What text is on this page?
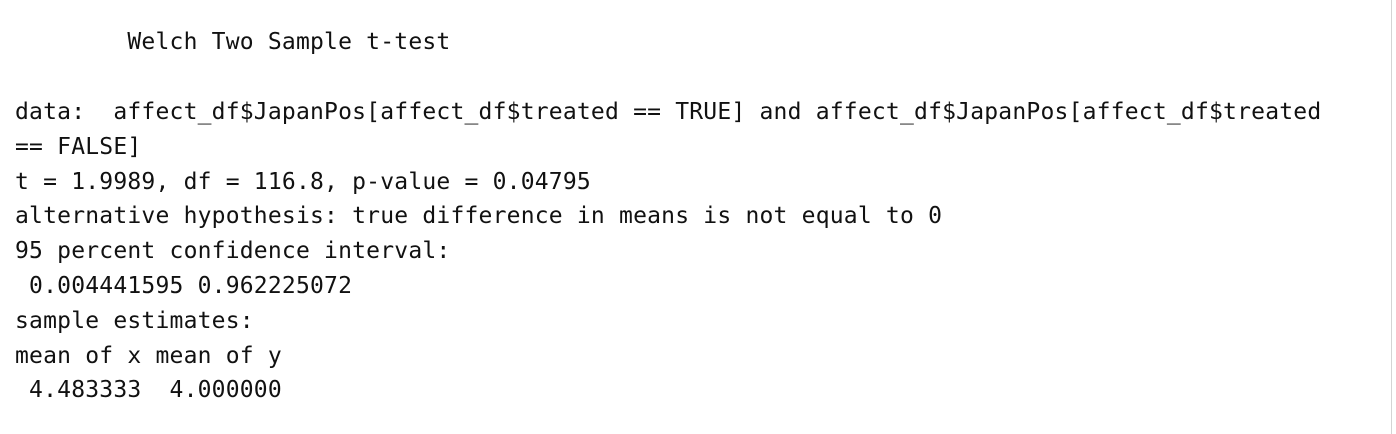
Welch Two Sample t-test
data:  affect_df$JapanPos[affect_df$treated == TRUE] and affect_df$JapanPos[affect_df$treated
== FALSE]
t = 1.9989, df = 116.8, p-value = 0.04795
alternative hypothesis: true difference in means is not equal to 0
95 percent confidence interval:
0.004441595 0.962225072
sample estimates:
mean of x mean of y
4.483333  4.000000
